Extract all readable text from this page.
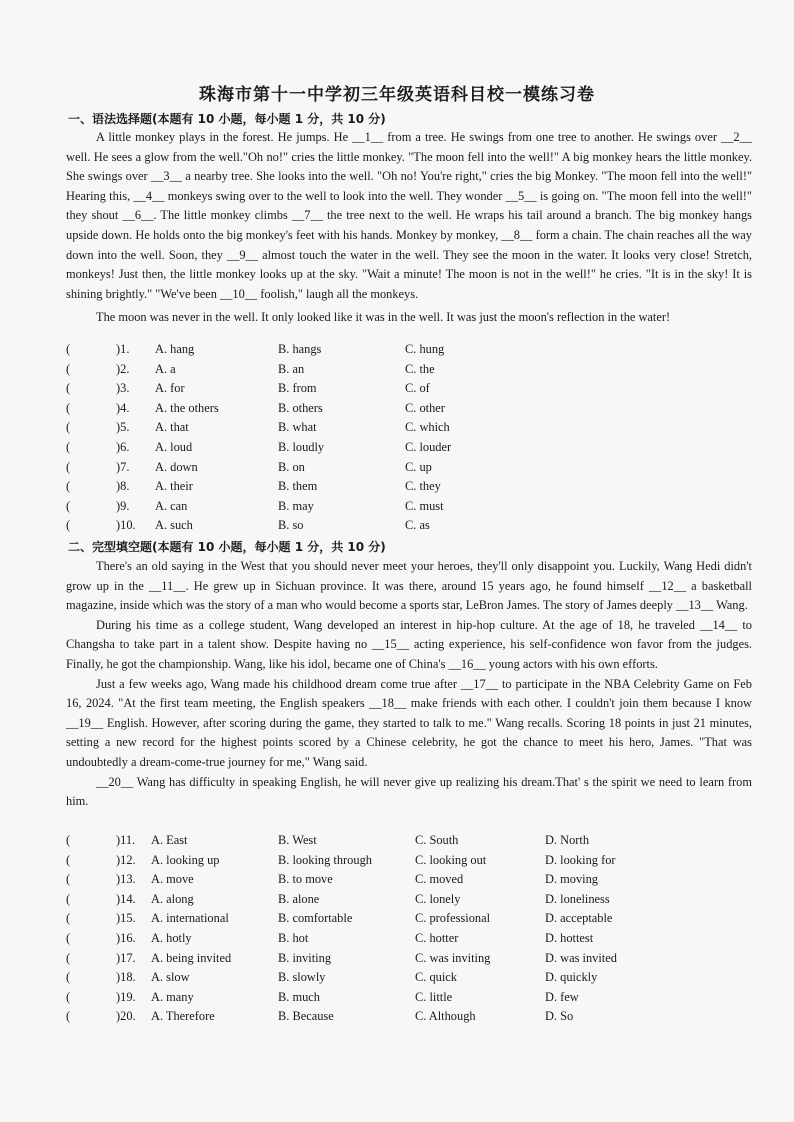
珠海市第十一中学初三年级英语科目校一模练习卷
一、语法选择题(本题有 10 小题，每小题 1 分，共 10 分)

A little monkey plays in the forest. He jumps. He __1__ from a tree. He swings from one tree to another. He swings over __2__ well. He sees a glow from the well."Oh no!" cries the little monkey. "The moon fell into the well!" A big monkey hears the little monkey. She swings over __3__ a nearby tree. She looks into the well. "Oh no! You're right," cries the big Monkey. "The moon fell into the well!" Hearing this, __4__ monkeys swing over to the well to look into the well. They wonder __5__ is going on. "The moon fell into the well!" they shout __6__. The little monkey climbs __7__ the tree next to the well. He wraps his tail around a branch. The big monkey hangs upside down. He holds onto the big monkey's feet with his hands. Monkey by monkey, __8__ form a chain. The chain reaches all the way down into the well. Soon, they __9__ almost touch the water in the well. They see the moon in the water. It looks very close! Stretch, monkeys! Just then, the little monkey looks up at the sky. "Wait a minute! The moon is not in the well!" he cries. "It is in the sky! It is shining brightly." "We've been __10__ foolish," laugh all the monkeys.

The moon was never in the well. It only looked like it was in the well. It was just the moon's reflection in the water!

(	)1. A. hang	B. hangs	C. hung
(	)2. A. a	B. an	C. the
(	)3. A. for	B. from	C. of
(	)4. A. the others	B. others	C. other
(	)5. A. that	B. what	C. which
(	)6. A. loud	B. loudly	C. louder
(	)7. A. down	B. on	C. up
(	)8. A. their	B. them	C. they
(	)9. A. can	B. may	C. must
(	)10. A. such	B. so	C. as
二、完型填空题(本题有 10 小题，每小题 1 分，共 10 分)

There's an old saying in the West that you should never meet your heroes, they'll only disappoint you. Luckily, Wang Hedi didn't grow up in the __11__. He grew up in Sichuan province. It was there, around 15 years ago, he found himself __12__ a basketball magazine, inside which was the story of a man who would become a sports star, LeBron James. The story of James deeply __13__ Wang.

During his time as a college student, Wang developed an interest in hip-hop culture. At the age of 18, he traveled __14__ to Changsha to take part in a talent show. Despite having no __15__ acting experience, his self-confidence won favor from the judges. Finally, he got the championship. Wang, like his idol, became one of China's __16__ young actors with his own efforts.

Just a few weeks ago, Wang made his childhood dream come true after __17__ to participate in the NBA Celebrity Game on Feb 16, 2024. "At the first team meeting, the English speakers __18__ make friends with each other. I couldn't join them because I know __19__ English. However, after scoring during the game, they started to talk to me." Wang recalls. Scoring 18 points in just 21 minutes, setting a new record for the highest points scored by a Chinese celebrity, he got the chance to meet his hero, James. "That was undoubtedly a dream-come-true journey for me," Wang said.

__20__ Wang has difficulty in speaking English, he will never give up realizing his dream.That' s the spirit we need to learn from him.

(	)11. A. East	B. West	C. South	D. North
(	)12. A. looking up	B. looking through	C. looking out	D. looking for
(	)13. A. move	B. to move	C. moved	D. moving
(	)14. A. along	B. alone	C. lonely	D. loneliness
(	)15. A. international	B. comfortable	C. professional	D. acceptable
(	)16. A. hotly	B. hot	C. hotter	D. hottest
(	)17. A. being invited	B. inviting	C. was inviting	D. was invited
(	)18. A. slow	B. slowly	C. quick	D. quickly
(	)19. A. many	B. much	C. little	D. few
(	)20. A. Therefore	B. Because	C. Although	D. So
